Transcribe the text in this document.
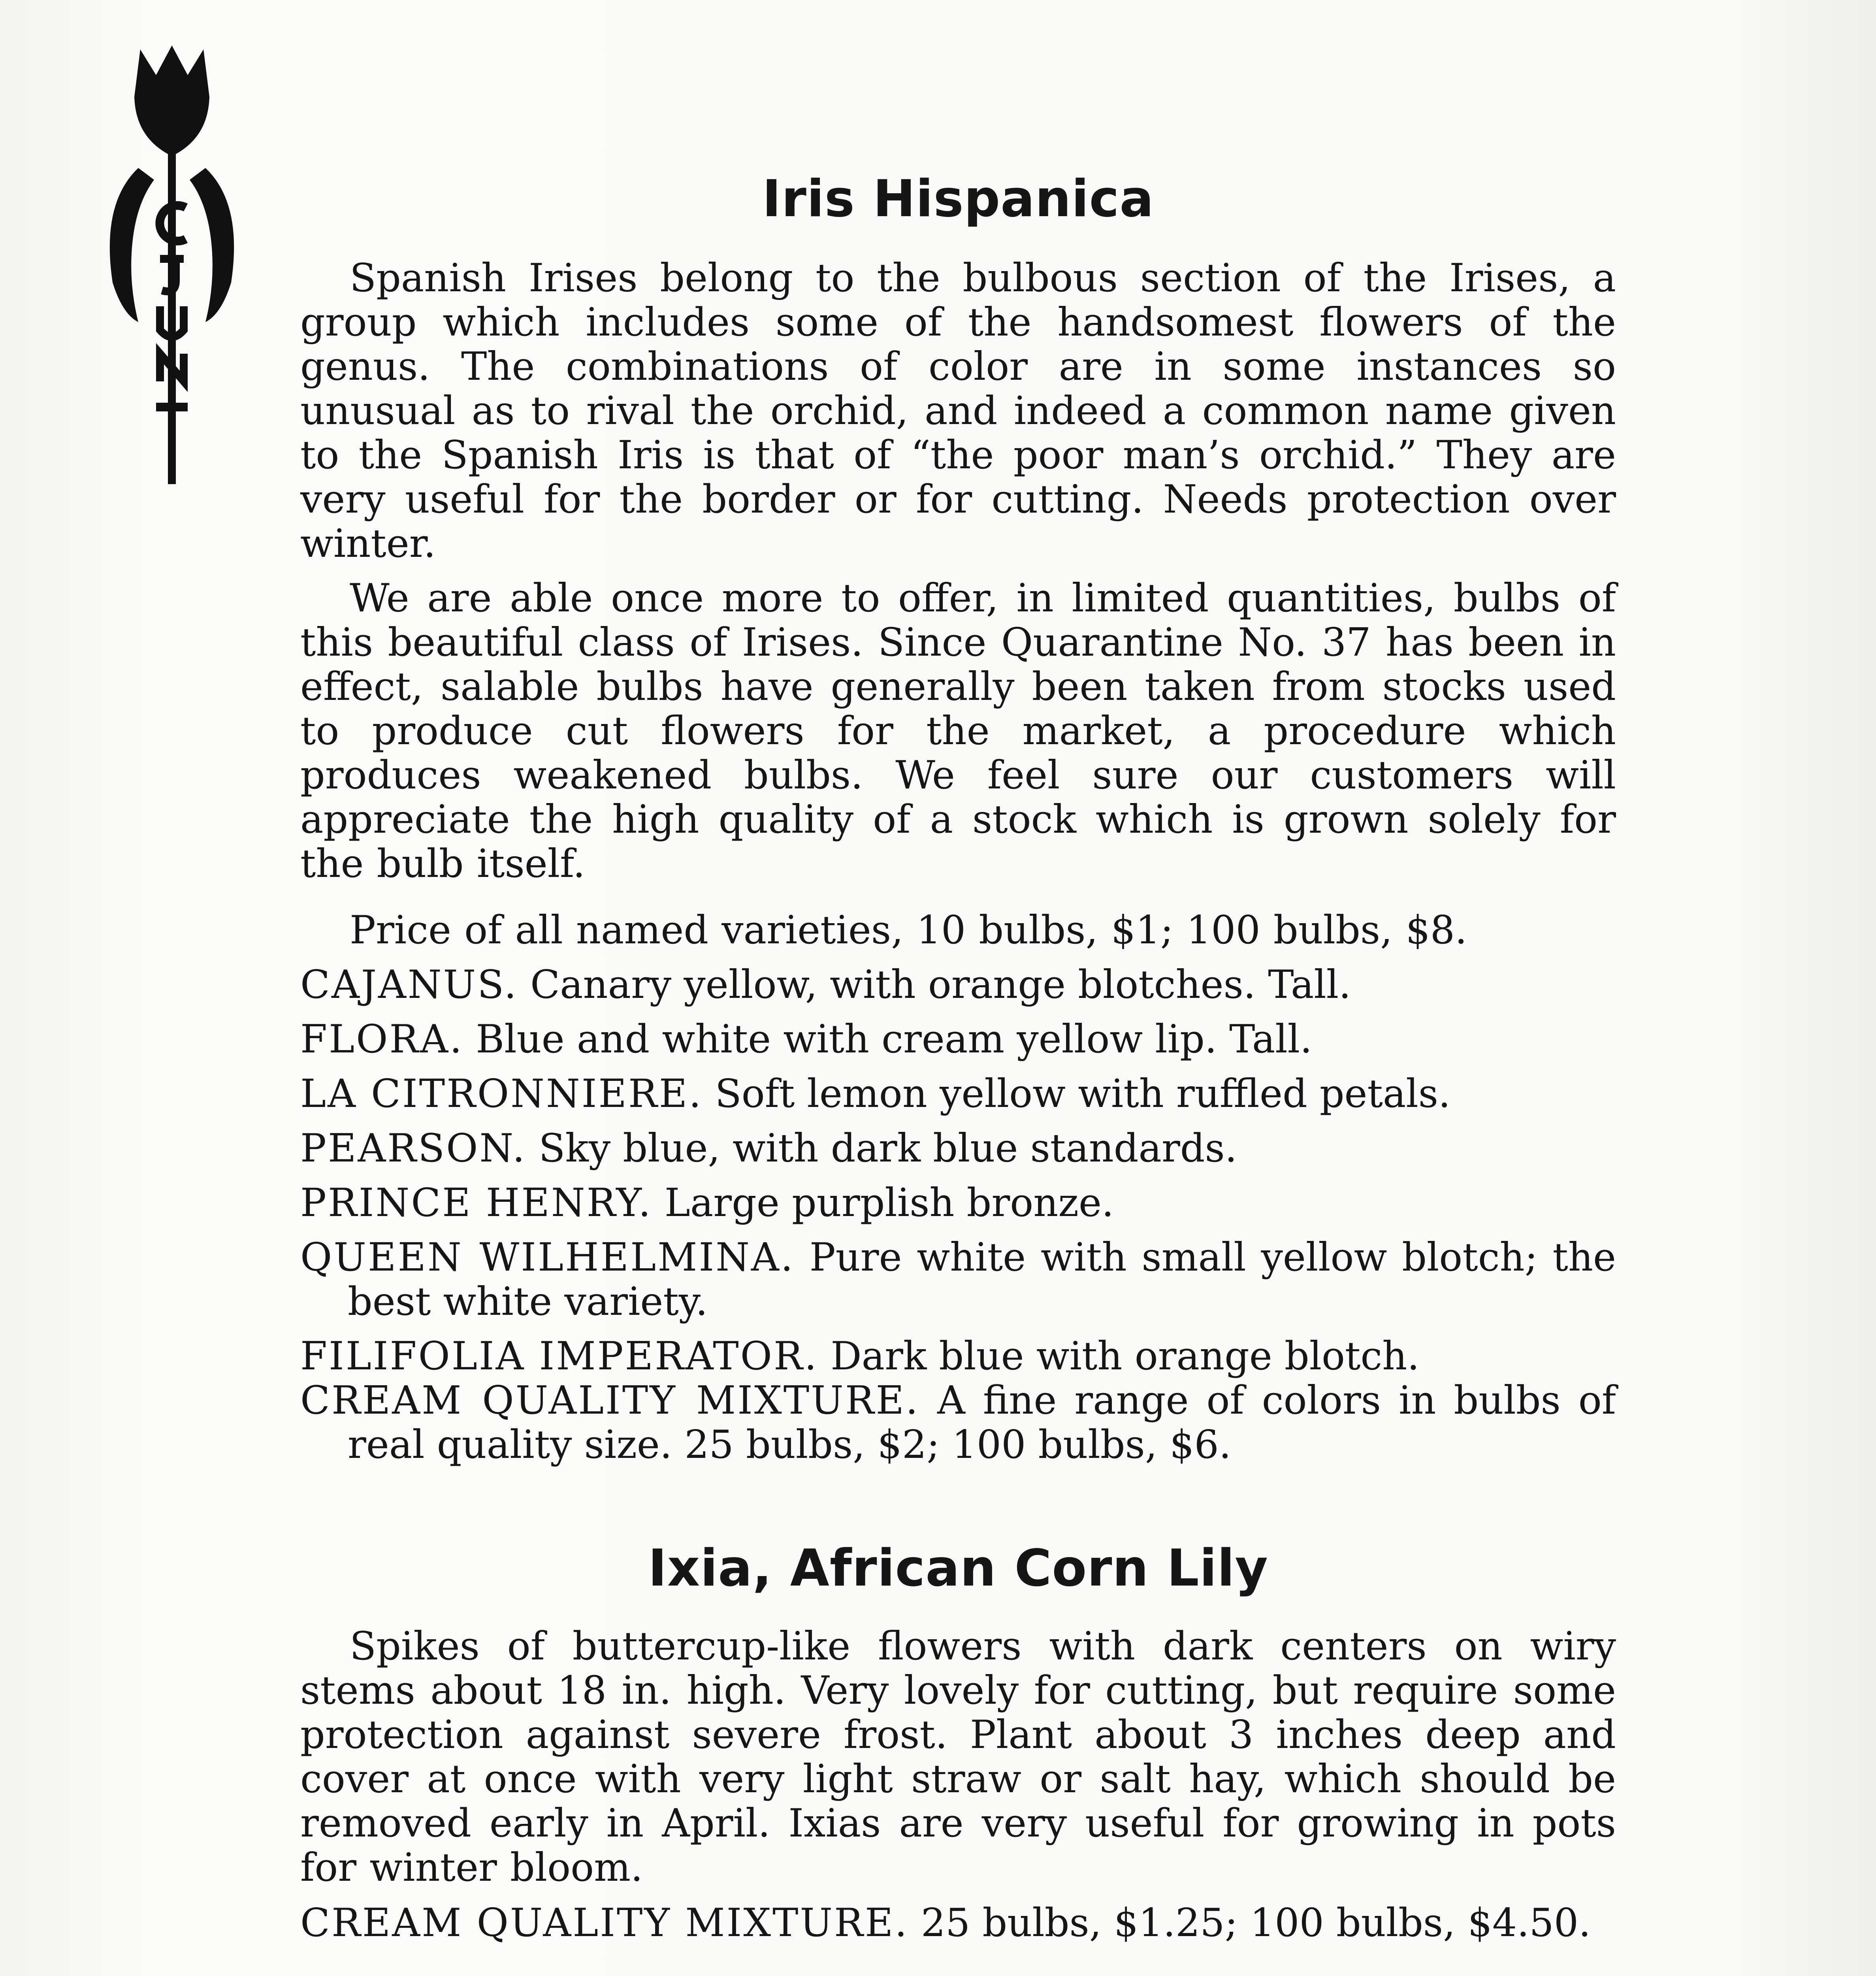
Iris Hispanica

Spanish Irises belong to the bulbous section of the Irises, a group which includes some of the handsomest flowers of the genus. The combinations of color are in some instances so unusual as to rival the orchid, and indeed a common name given to the Spanish Iris is that of “the poor man’s orchid.” They are very useful for the border or for cutting. Needs protection over winter.

We are able once more to offer, in limited quantities, bulbs of this beautiful class of Irises. Since Quarantine No. 37 has been in effect, salable bulbs have generally been taken from stocks used to produce cut flowers for the market, a procedure which produces weakened bulbs. We feel sure our customers will appreciate the high quality of a stock which is grown solely for the bulb itself.

Price of all named varieties, 10 bulbs, $1; 100 bulbs, $8.

CAJANUS. Canary yellow, with orange blotches. Tall.

FLORA. Blue and white with cream yellow lip. Tall.

LA CITRONNIERE. Soft lemon yellow with ruffled petals.

PEARSON. Sky blue, with dark blue standards.

PRINCE HENRY. Large purplish bronze.

QUEEN WILHELMINA. Pure white with small yellow blotch; the best white variety.

FILIFOLIA IMPERATOR. Dark blue with orange blotch.

CREAM QUALITY MIXTURE. A fine range of colors in bulbs of real quality size. 25 bulbs, $2; 100 bulbs, $6.

Ixia, African Corn Lily

Spikes of buttercup-like flowers with dark centers on wiry stems about 18 in. high. Very lovely for cutting, but require some protection against severe frost. Plant about 3 inches deep and cover at once with very light straw or salt hay, which should be removed early in April. Ixias are very useful for growing in pots for winter bloom.

CREAM QUALITY MIXTURE. 25 bulbs, $1.25; 100 bulbs, $4.50.
